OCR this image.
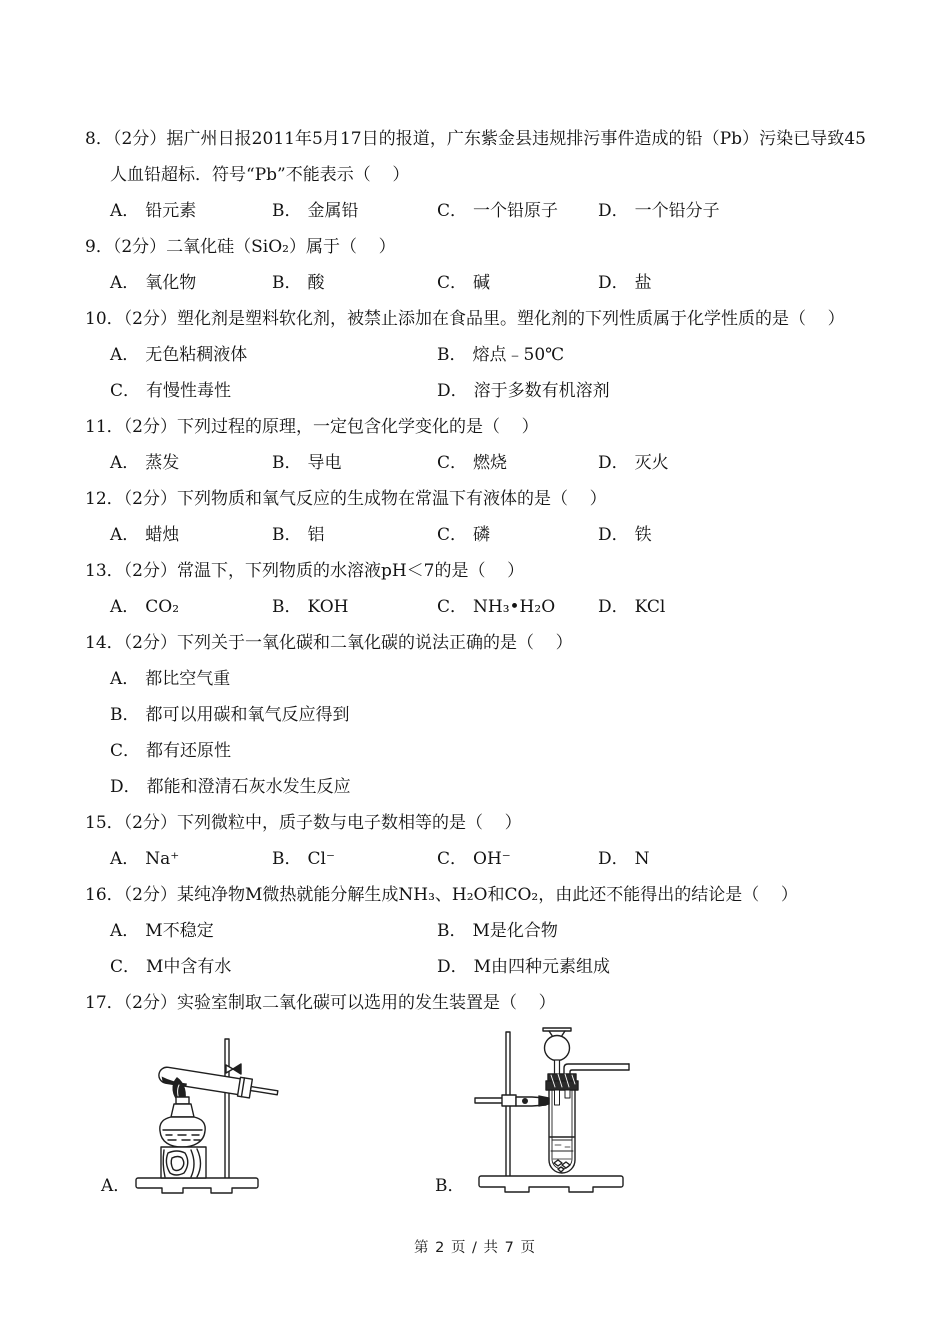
8．（2分）据广州日报2011年5月17日的报道，广东紫金县违规排污事件造成的铅（Pb）污染已导致45人血铅超标．符号“Pb”不能表示（    ）
A． 铅元素	B． 金属铅	C． 一个铅原子	D． 一个铅分子
9．（2分）二氧化硅（SiO₂）属于（    ）
A． 氧化物	B． 酸	C． 碱	D． 盐
10．（2分）塑化剂是塑料软化剂，被禁止添加在食品里。塑化剂的下列性质属于化学性质的是（    ）
A． 无色粘稠液体	B． 熔点﹣50℃
C． 有慢性毒性	D． 溶于多数有机溶剂
11．（2分）下列过程的原理，一定包含化学变化的是（    ）
A． 蒸发	B． 导电	C． 燃烧	D． 灭火
12．（2分）下列物质和氧气反应的生成物在常温下有液体的是（    ）
A． 蜡烛	B． 铝	C． 磷	D． 铁
13．（2分）常温下，下列物质的水溶液pH＜7的是（    ）
A． CO₂	B． KOH	C． NH₃•H₂O	D． KCl
14．（2分）下列关于一氧化碳和二氧化碳的说法正确的是（    ）
A． 都比空气重
B． 都可以用碳和氧气反应得到
C． 都有还原性
D． 都能和澄清石灰水发生反应
15．（2分）下列微粒中，质子数与电子数相等的是（    ）
A． Na⁺	B． Cl⁻	C． OH⁻	D． N
16．（2分）某纯净物M微热就能分解生成NH₃、H₂O和CO₂，由此还不能得出的结论是（    ）
A． M不稳定	B． M是化合物
C． M中含有水	D． M由四种元素组成
17．（2分）实验室制取二氧化碳可以选用的发生装置是（    ）
A．	B．
第 2 页 / 共 7 页
